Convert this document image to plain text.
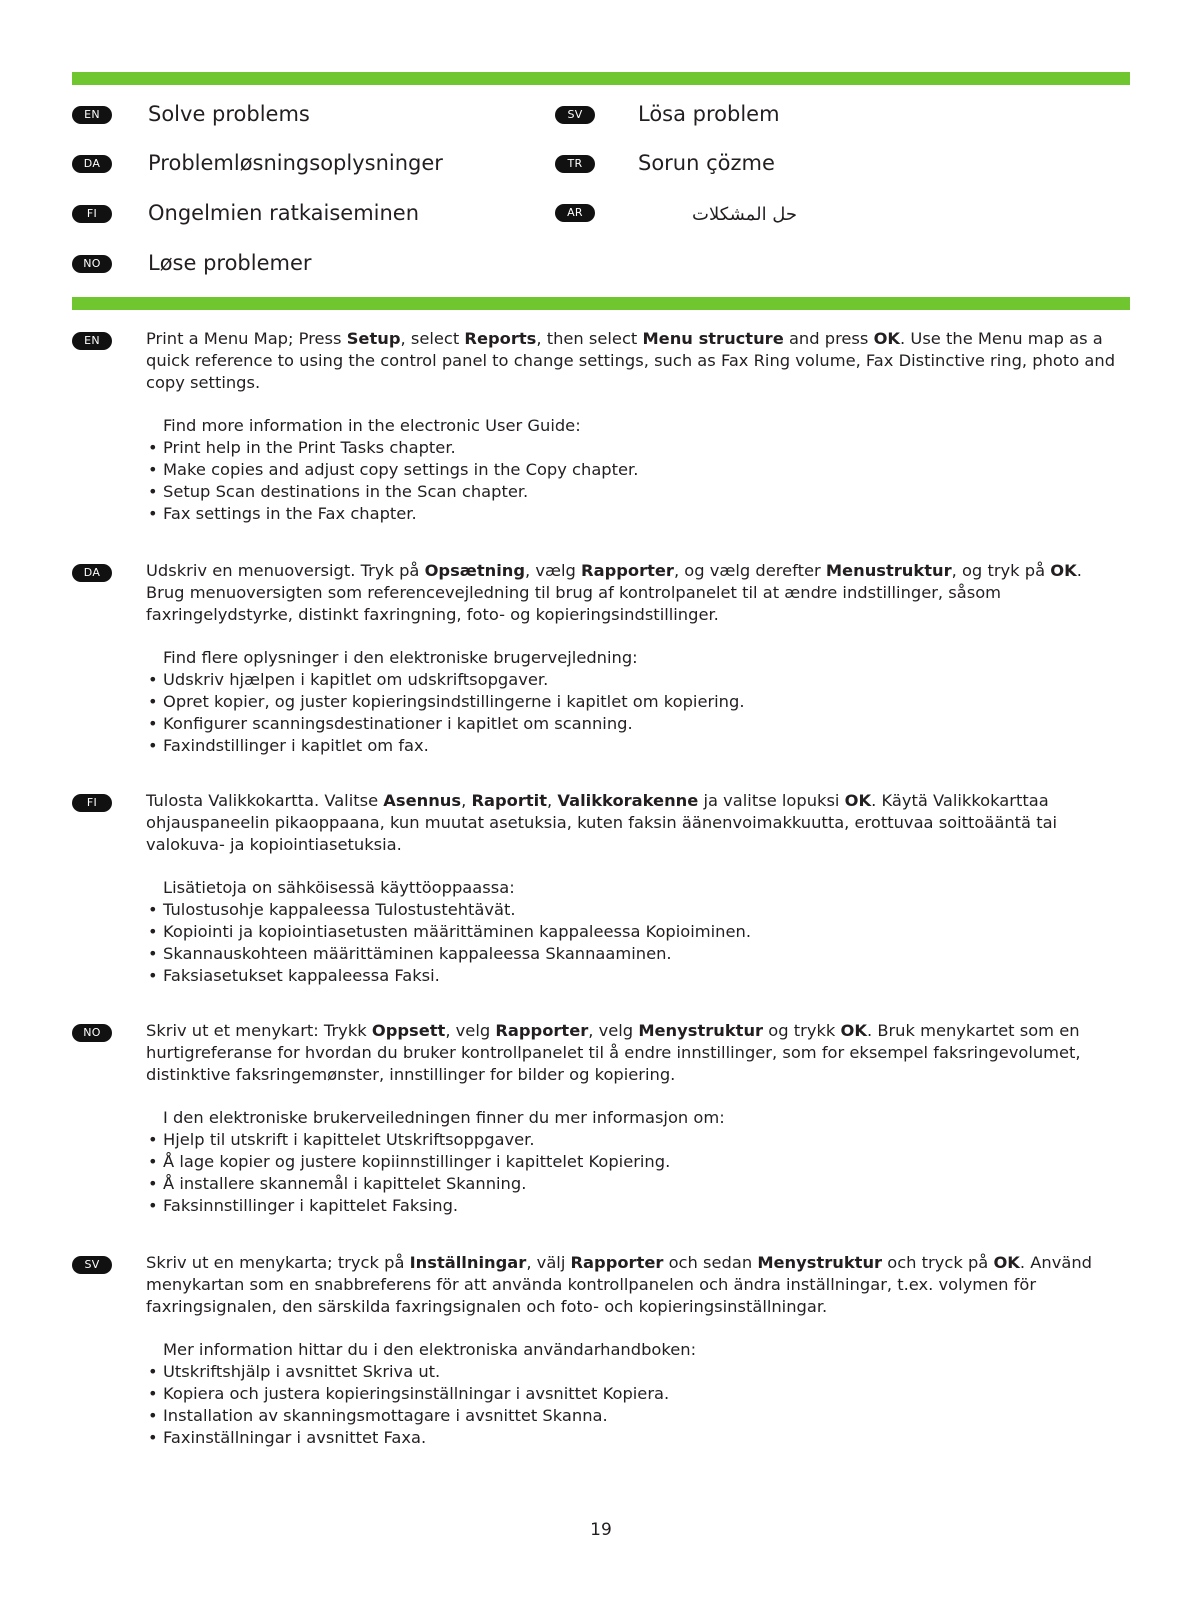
EN	Solve problems
DA	Problemløsningsoplysninger
FI	Ongelmien ratkaiseminen
NO	Løse problemer
SV	Lösa problem
TR	Sorun çözme
AR	حل المشكلات
EN	Print a Menu Map; Press Setup, select Reports, then select Menu structure and press OK. Use the Menu map as a quick reference to using the control panel to change settings, such as Fax Ring volume, Fax Distinctive ring, photo and copy settings.

Find more information in the electronic User Guide:
• Print help in the Print Tasks chapter.
• Make copies and adjust copy settings in the Copy chapter.
• Setup Scan destinations in the Scan chapter.
• Fax settings in the Fax chapter.
DA	Udskriv en menuoversigt. Tryk på Opsætning, vælg Rapporter, og vælg derefter Menustruktur, og tryk på OK. Brug menuoversigten som referencevejledning til brug af kontrolpanelet til at ændre indstillinger, såsom faxringelydstyrke, distinkt faxringning, foto- og kopieringsindstillinger.

Find flere oplysninger i den elektroniske brugervejledning:
• Udskriv hjælpen i kapitlet om udskriftsopgaver.
• Opret kopier, og juster kopieringsindstillingerne i kapitlet om kopiering.
• Konfigurer scanningsdestinationer i kapitlet om scanning.
• Faxindstillinger i kapitlet om fax.
FI	Tulosta Valikkokartta. Valitse Asennus, Raportit, Valikkorakenne ja valitse lopuksi OK. Käytä Valikkokarttaa ohjauspaneelin pikaoppaana, kun muutat asetuksia, kuten faksin äänenvoimakkuutta, erottuvaa soittoääntä tai valokuva- ja kopiointiasetuksia.

Lisätietoja on sähköisessä käyttöoppaassa:
• Tulostusohje kappaleessa Tulostustehtävät.
• Kopiointi ja kopiointiasetusten määrittäminen kappaleessa Kopioiminen.
• Skannauskohteen määrittäminen kappaleessa Skannaaminen.
• Faksiasetukset kappaleessa Faksi.
NO	Skriv ut et menykart: Trykk Oppsett, velg Rapporter, velg Menystruktur og trykk OK. Bruk menykartet som en hurtigreferanse for hvordan du bruker kontrollpanelet til å endre innstillinger, som for eksempel faksringevolumet, distinktive faksringemønster, innstillinger for bilder og kopiering.

I den elektroniske brukerveiledningen finner du mer informasjon om:
• Hjelp til utskrift i kapittelet Utskriftsoppgaver.
• Å lage kopier og justere kopiinnstillinger i kapittelet Kopiering.
• Å installere skannemål i kapittelet Skanning.
• Faksinnstillinger i kapittelet Faksing.
SV	Skriv ut en menykarta; tryck på Inställningar, välj Rapporter och sedan Menystruktur och tryck på OK. Använd menykartan som en snabbreferens för att använda kontrollpanelen och ändra inställningar, t.ex. volymen för faxringsignalen, den särskilda faxringsignalen och foto- och kopieringsinställningar.

Mer information hittar du i den elektroniska användarhandboken:
• Utskriftshjälp i avsnittet Skriva ut.
• Kopiera och justera kopieringsinställningar i avsnittet Kopiera.
• Installation av skanningsmottagare i avsnittet Skanna.
• Faxinställningar i avsnittet Faxa.
19
